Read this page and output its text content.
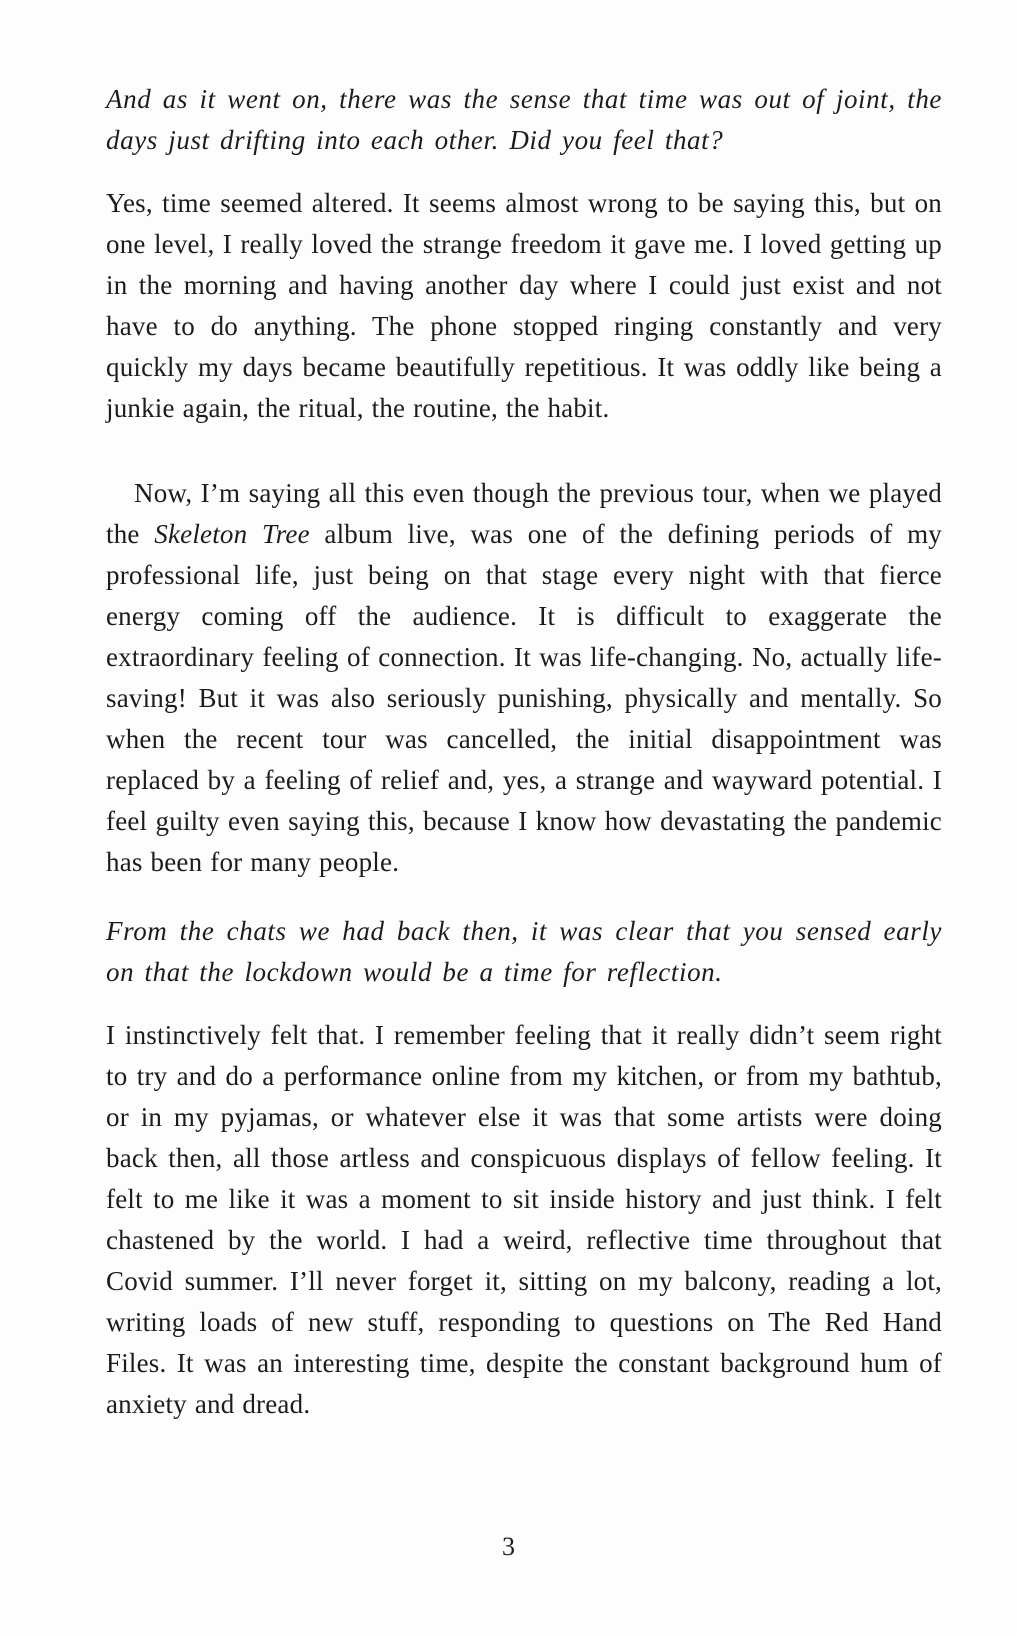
And as it went on, there was the sense that time was out of joint, the days just drifting into each other. Did you feel that?

Yes, time seemed altered. It seems almost wrong to be saying this, but on one level, I really loved the strange freedom it gave me. I loved getting up in the morning and having another day where I could just exist and not have to do anything. The phone stopped ringing constantly and very quickly my days became beautifully repetitious. It was oddly like being a junkie again, the ritual, the routine, the habit.

Now, I’m saying all this even though the previous tour, when we played the Skeleton Tree album live, was one of the defining periods of my professional life, just being on that stage every night with that fierce energy coming off the audience. It is difficult to exaggerate the extraordinary feeling of connection. It was life-changing. No, actually life-saving! But it was also seriously punishing, physically and mentally. So when the recent tour was cancelled, the initial disappointment was replaced by a feeling of relief and, yes, a strange and wayward potential. I feel guilty even saying this, because I know how devastating the pandemic has been for many people.

From the chats we had back then, it was clear that you sensed early on that the lockdown would be a time for reflection.

I instinctively felt that. I remember feeling that it really didn’t seem right to try and do a performance online from my kitchen, or from my bathtub, or in my pyjamas, or whatever else it was that some artists were doing back then, all those artless and conspicuous displays of fellow feeling. It felt to me like it was a moment to sit inside history and just think. I felt chastened by the world. I had a weird, reflective time throughout that Covid summer. I’ll never forget it, sitting on my balcony, reading a lot, writing loads of new stuff, responding to questions on The Red Hand Files. It was an interesting time, despite the constant background hum of anxiety and dread.

3
